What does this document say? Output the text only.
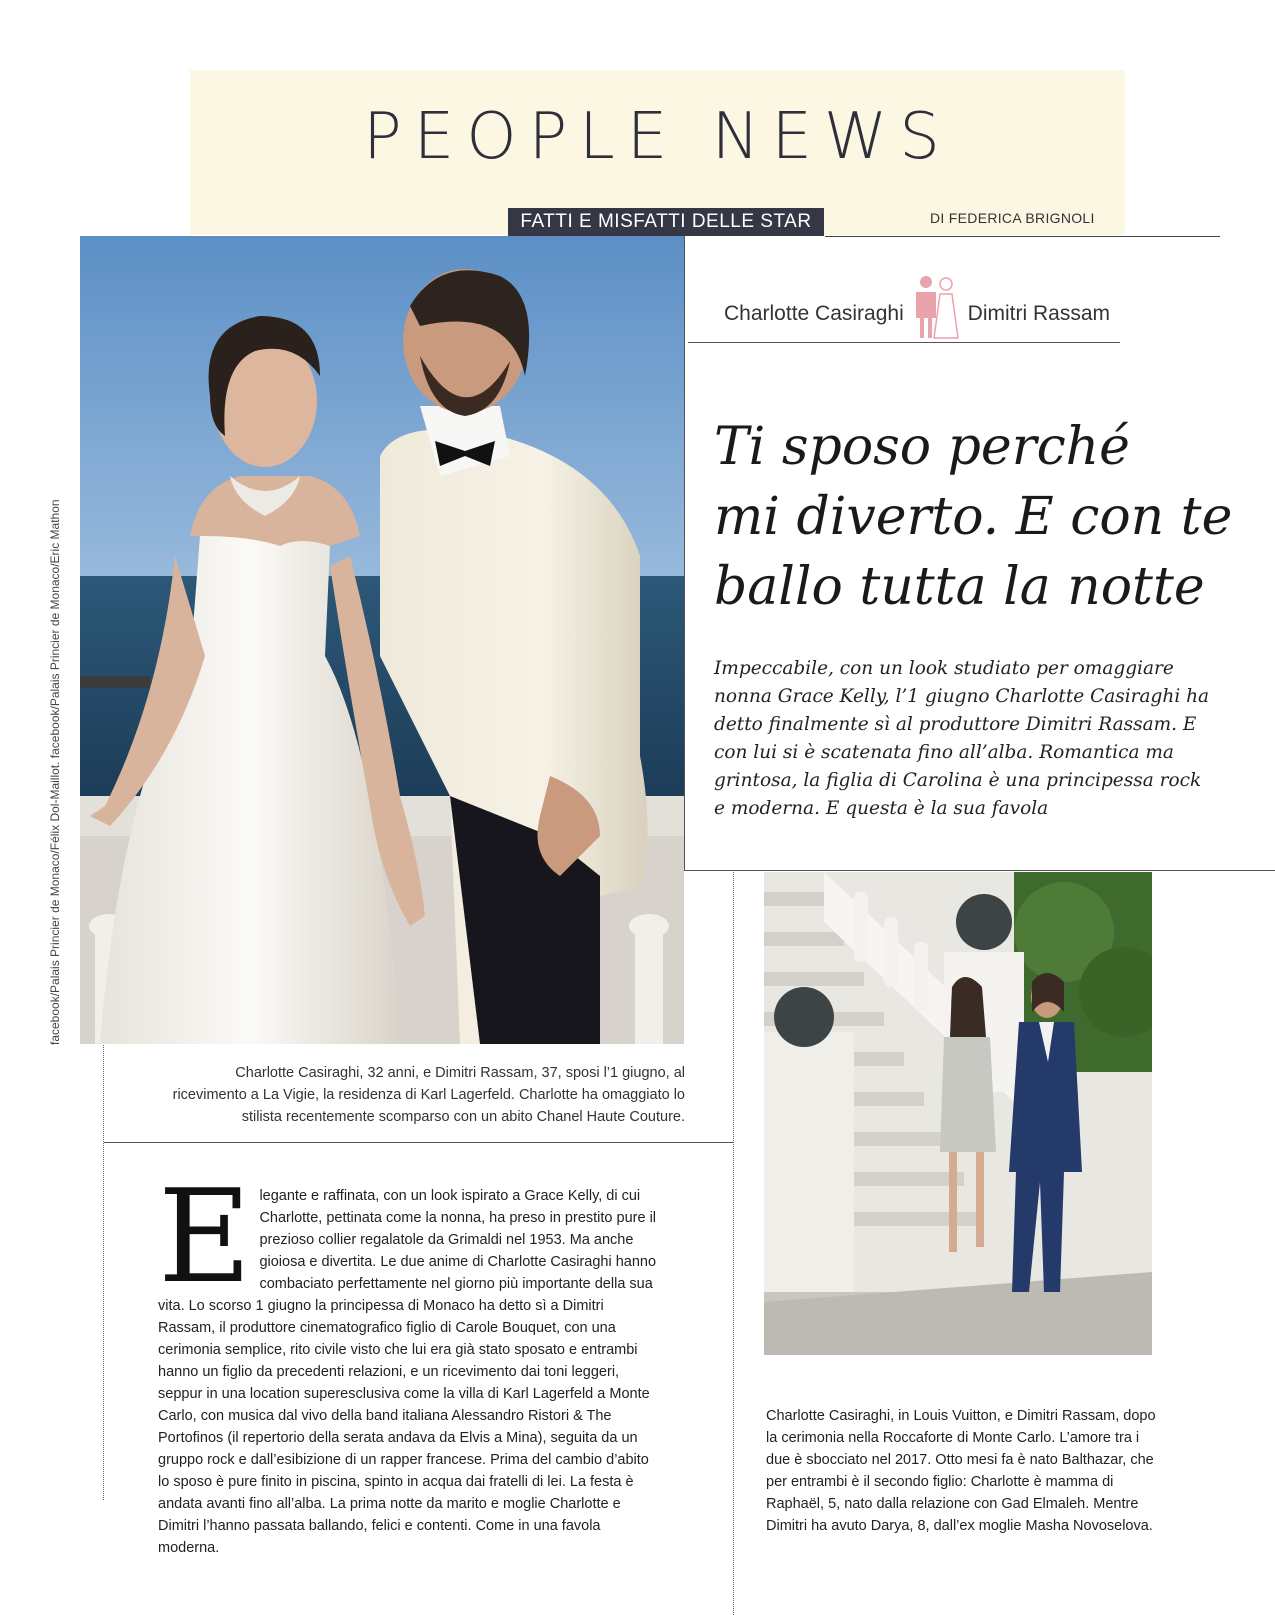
PEOPLE NEWS
FATTI E MISFATTI DELLE STAR	DI FEDERICA BRIGNOLI
facebook/Palais Princier de Monaco/Félix Dol-Maillot. facebook/Palais Princier de Monaco/Eric Mathon
Charlotte Casiraghi	Dimitri Rassam
Ti sposo perché
mi diverto. E con te
ballo tutta la notte

Impeccabile, con un look studiato per omaggiare nonna Grace Kelly, l’1 giugno Charlotte Casiraghi ha detto finalmente sì al produttore Dimitri Rassam. E con lui si è scatenata fino all’alba. Romantica ma grintosa, la figlia di Carolina è una principessa rock e moderna. E questa è la sua favola

Charlotte Casiraghi, 32 anni, e Dimitri Rassam, 37, sposi l’1 giugno, al ricevimento a La Vigie, la residenza di Karl Lagerfeld. Charlotte ha omaggiato lo stilista recentemente scomparso con un abito Chanel Haute Couture.

Elegante e raffinata, con un look ispirato a Grace Kelly, di cui Charlotte, pettinata come la nonna, ha preso in prestito pure il prezioso collier regalatole da Grimaldi nel 1953. Ma anche gioiosa e divertita. Le due anime di Charlotte Casiraghi hanno combaciato perfettamente nel giorno più importante della sua vita. Lo scorso 1 giugno la principessa di Monaco ha detto sì a Dimitri Rassam, il produttore cinematografico figlio di Carole Bouquet, con una cerimonia semplice, rito civile visto che lui era già stato sposato e entrambi hanno un figlio da precedenti relazioni, e un ricevimento dai toni leggeri, seppur in una location superesclusiva come la villa di Karl Lagerfeld a Monte Carlo, con musica dal vivo della band italiana Alessandro Ristori & The Portofinos (il repertorio della serata andava da Elvis a Mina), seguita da un gruppo rock e dall’esibizione di un rapper francese. Prima del cambio d’abito lo sposo è pure finito in piscina, spinto in acqua dai fratelli di lei. La festa è andata avanti fino all’alba. La prima notte da marito e moglie Charlotte e Dimitri l’hanno passata ballando, felici e contenti. Come in una favola moderna.

Charlotte Casiraghi, in Louis Vuitton, e Dimitri Rassam, dopo la cerimonia nella Roccaforte di Monte Carlo. L’amore tra i due è sbocciato nel 2017. Otto mesi fa è nato Balthazar, che per entrambi è il secondo figlio: Charlotte è mamma di Raphaël, 5, nato dalla relazione con Gad Elmaleh. Mentre Dimitri ha avuto Darya, 8, dall’ex moglie Masha Novoselova.
